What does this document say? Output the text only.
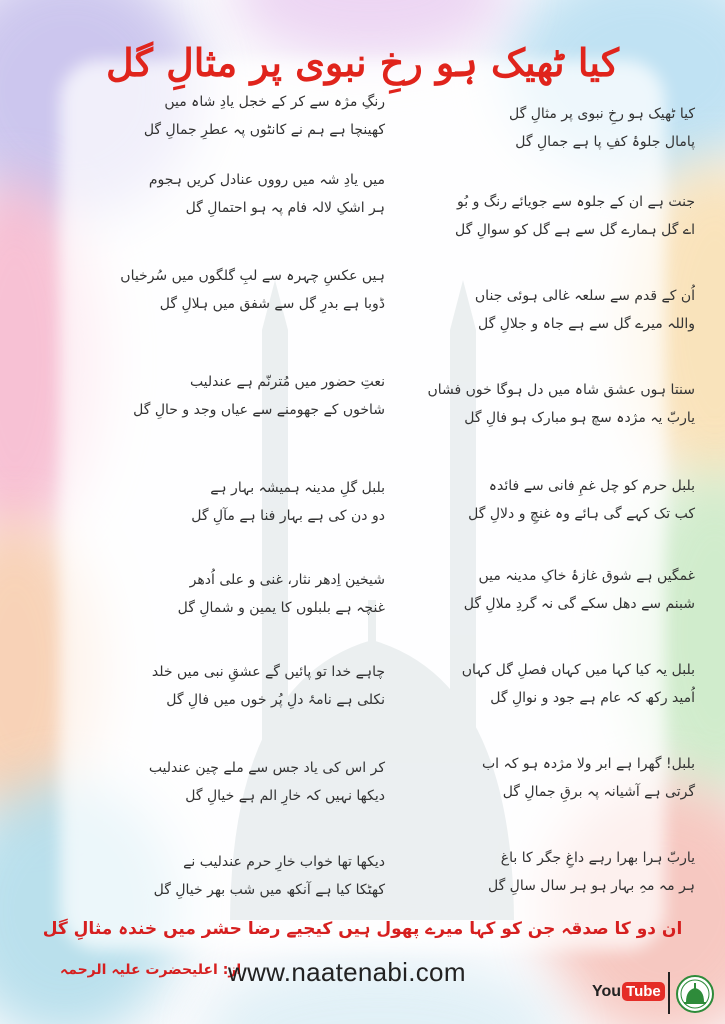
کیا ٹھیک ہو رخِ نبوی پر مثالِ گل
کیا ٹھیک ہو رخِ نبوی پر مثالِ گل
پامال جلوۂ کفِ پا ہے جمالِ گل
جنت ہے ان کے جلوہ سے جویائے رنگ و بُو
اے گل ہمارے گل سے ہے گل کو سوالِ گل
اُن کے قدم سے سلعہ غالی ہوئی جناں
واللہ میرے گل سے ہے جاہ و جلالِ گل
سنتا ہوں عشق شاہ میں دل ہوگا خوں فشاں
یاربّ یہ مژدہ سچ ہو مبارک ہو فالِ گل
بلبل حرم کو چل غمِ فانی سے فائدہ
کب تک کہے گی ہائے وہ غنچِ و دلالِ گل
غمگیں ہے شوق غازۂ خاکِ مدینہ میں
شبنم سے دھل سکے گی نہ گردِ ملالِ گل
بلبل یہ کیا کہا میں کہاں فصلِ گل کہاں
اُمید رکھ کہ عام ہے جود و نوالِ گل
بلبل! گھرا ہے ابر ولا مژدہ ہو کہ اب
گرتی ہے آشیانہ پہ برقِ جمالِ گل
یاربّ ہرا بھرا رہے داغِ جگر کا باغ
ہر مہ مہِ بہار ہو ہر سال سالِ گل
رنگِ مژہ سے کر کے خجل یادِ شاہ میں
کھینچا ہے ہم نے کانٹوں پہ عطرِ جمالِ گل
میں یادِ شہ میں رووں عنادل کریں ہجوم
ہر اشکِ لالہ فام پہ ہو احتمالِ گل
ہیں عکسِ چہرہ سے لبِ گلگوں میں سُرخیاں
ڈوبا ہے بدرِ گل سے شفق میں ہلالِ گل
نعتِ حضور میں مُترنّم ہے عندلیب
شاخوں کے جھومنے سے عیاں وجد و حالِ گل
بلبل گلِ مدینہ ہمیشہ بہار ہے
دو دن کی ہے بہار فنا ہے مآلِ گل
شیخین اِدھر نثار، غنی و علی اُدھر
غنچہ ہے بلبلوں کا یمین و شمالِ گل
چاہے خدا تو پائیں گے عشقِ نبی میں خلد
نکلی ہے نامۂ دلِ پُر خوں میں فالِ گل
کر اس کی یاد جس سے ملے چین عندلیب
دیکھا نہیں کہ خارِ الم ہے خیالِ گل
دیکھا تھا خواب خارِ حرم عندلیب نے
کھٹکا کیا ہے آنکھ میں شب بھر خیالِ گل
ان دو کا صدقہ جن کو کہا میرے پھول ہیں کیجیے رضا حشر میں خندہ مثالِ گل
از: اعلیحضرت علیہ الرحمہ
www.naatenabi.com
You Tube
